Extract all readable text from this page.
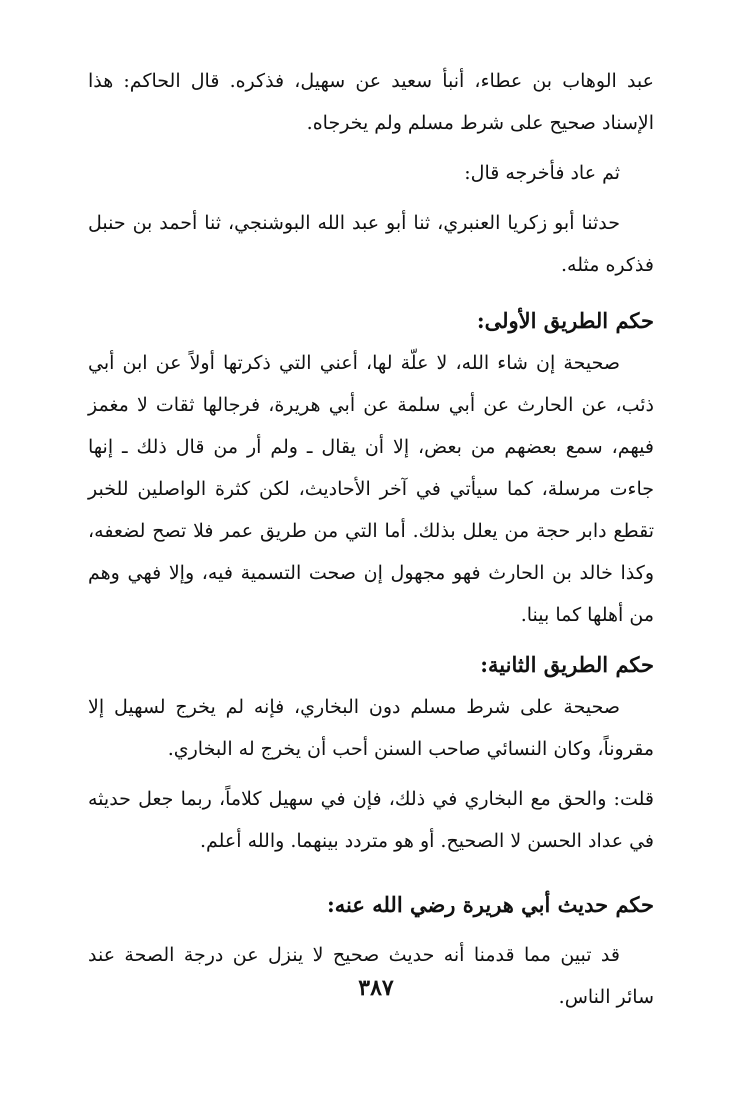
عبد الوهاب بن عطاء، أنبأ سعيد عن سهيل، فذكره. قال الحاكم: هذا الإسناد صحيح على شرط مسلم ولم يخرجاه.

ثم عاد فأخرجه قال:

حدثنا أبو زكريا العنبري، ثنا أبو عبد الله البوشنجي، ثنا أحمد بن حنبل فذكره مثله.

حكم الطريق الأولى:

صحيحة إن شاء الله، لا علّة لها، أعني التي ذكرتها أولاً عن ابن أبي ذئب، عن الحارث عن أبي سلمة عن أبي هريرة، فرجالها ثقات لا مغمز فيهم، سمع بعضهم من بعض، إلا أن يقال ـ ولم أر من قال ذلك ـ إنها جاءت مرسلة، كما سيأتي في آخر الأحاديث، لكن كثرة الواصلين للخبر تقطع دابر حجة من يعلل بذلك. أما التي من طريق عمر فلا تصح لضعفه، وكذا خالد بن الحارث فهو مجهول إن صحت التسمية فيه، وإلا فهي وهم من أهلها كما بينا.

حكم الطريق الثانية:

صحيحة على شرط مسلم دون البخاري، فإنه لم يخرج لسهيل إلا مقروناً، وكان النسائي صاحب السنن أحب أن يخرج له البخاري.

قلت: والحق مع البخاري في ذلك، فإن في سهيل كلاماً، ربما جعل حديثه في عداد الحسن لا الصحيح. أو هو متردد بينهما. والله أعلم.

حكم حديث أبي هريرة رضي الله عنه:

قد تبين مما قدمنا أنه حديث صحيح لا ينزل عن درجة الصحة عند سائر الناس.

٣٨٧
